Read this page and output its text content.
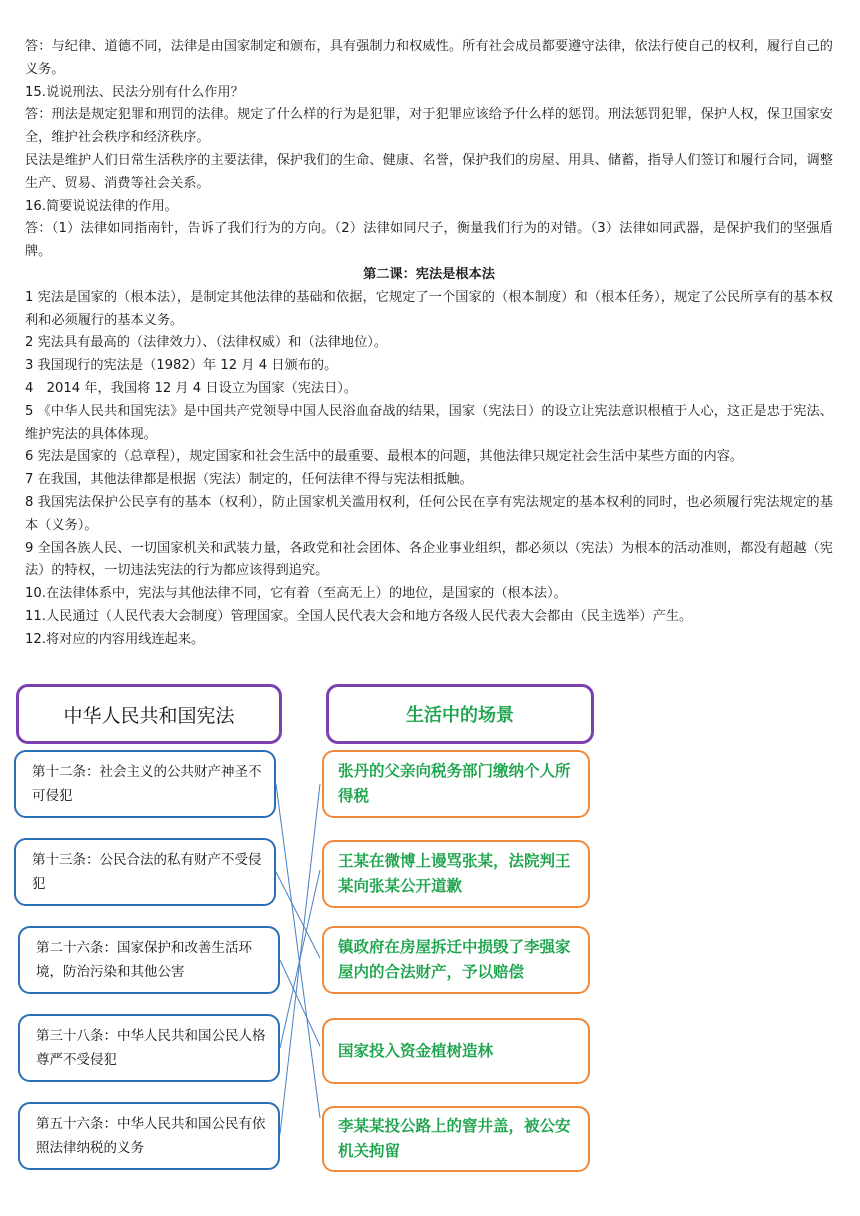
答：与纪律、道德不同，法律是由国家制定和颁布，具有强制力和权威性。所有社会成员都要遵守法律，依法行使自己的权利，履行自己的义务。

15.说说刑法、民法分别有什么作用？

答：刑法是规定犯罪和刑罚的法律。规定了什么样的行为是犯罪，对于犯罪应该给予什么样的惩罚。刑法惩罚犯罪，保护人权，保卫国家安全，维护社会秩序和经济秩序。

民法是维护人们日常生活秩序的主要法律，保护我们的生命、健康、名誉，保护我们的房屋、用具、储蓄，指导人们签订和履行合同，调整生产、贸易、消费等社会关系。

16.简要说说法律的作用。

答：（1）法律如同指南针，告诉了我们行为的方向。（2）法律如同尺子，衡量我们行为的对错。（3）法律如同武器，是保护我们的坚强盾牌。

第二课：宪法是根本法

1 宪法是国家的（根本法），是制定其他法律的基础和依据，它规定了一个国家的（根本制度）和（根本任务），规定了公民所享有的基本权利和必须履行的基本义务。

2 宪法具有最高的（法律效力）、（法律权威）和（法律地位）。

3 我国现行的宪法是（1982）年 12 月 4 日颁布的。

4　2014 年，我国将 12 月 4 日设立为国家（宪法日）。

5 《中华人民共和国宪法》是中国共产党领导中国人民浴血奋战的结果，国家（宪法日）的设立让宪法意识根植于人心，这正是忠于宪法、维护宪法的具体体现。

6 宪法是国家的（总章程），规定国家和社会生活中的最重要、最根本的问题，其他法律只规定社会生活中某些方面的内容。

7 在我国，其他法律都是根据（宪法）制定的，任何法律不得与宪法相抵触。

8 我国宪法保护公民享有的基本（权利），防止国家机关滥用权利，任何公民在享有宪法规定的基本权利的同时，也必须履行宪法规定的基本（义务）。

9 全国各族人民、一切国家机关和武装力量，各政党和社会团体、各企业事业组织，都必须以（宪法）为根本的活动准则，都没有超越（宪法）的特权，一切违法宪法的行为都应该得到追究。

10.在法律体系中，宪法与其他法律不同，它有着（至高无上）的地位，是国家的（根本法）。

11.人民通过（人民代表大会制度）管理国家。全国人民代表大会和地方各级人民代表大会都由（民主选举）产生。

12.将对应的内容用线连起来。

中华人民共和国宪法	生活中的场景
第十二条：社会主义的公共财产神圣不可侵犯
第十三条：公民合法的私有财产不受侵犯
第二十六条：国家保护和改善生活环境，防治污染和其他公害
第三十八条：中华人民共和国公民人格尊严不受侵犯
第五十六条：中华人民共和国公民有依照法律纳税的义务
张丹的父亲向税务部门缴纳个人所得税
王某在微博上谩骂张某，法院判王某向张某公开道歉
镇政府在房屋拆迁中损毁了李强家屋内的合法财产，予以赔偿
国家投入资金植树造林
李某某投公路上的窨井盖，被公安机关拘留
